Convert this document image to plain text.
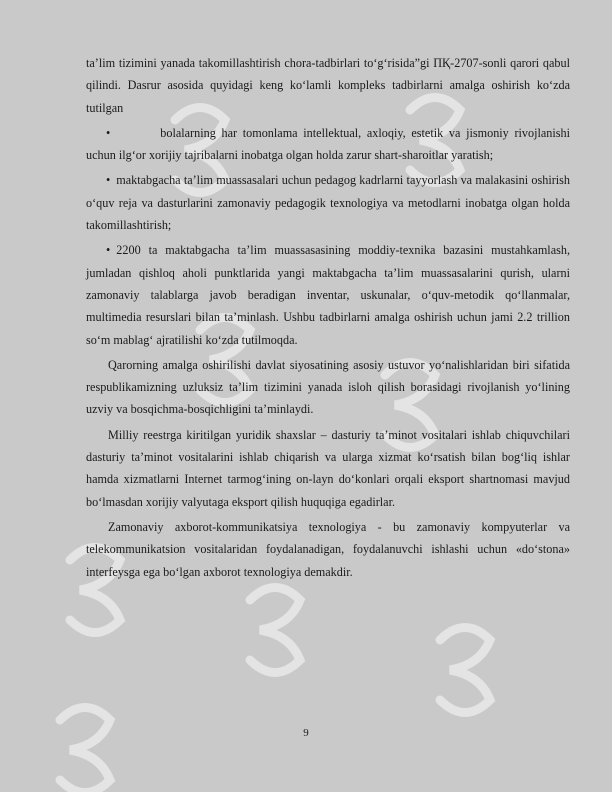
ta’lim tizimini yanada takomillashtirish chora-tadbirlari to‘g‘risida”gi ПҚ-2707-sonli qarori qabul qilindi. Dasrur asosida quyidagi keng ko‘lamli kompleks tadbirlarni amalga oshirish ko‘zda tutilgan

•	bolalarning har tomonlama intellektual, axloqiy, estetik va jismoniy rivojlanishi uchun ilg‘or xorijiy tajribalarni inobatga olgan holda zarur shart-sharoitlar yaratish;

• maktabgacha ta’lim muassasalari uchun pedagog kadrlarni tayyorlash va malakasini oshirish o‘quv reja va dasturlarini zamonaviy pedagogik texnologiya va metodlarni inobatga olgan holda takomillashtirish;

• 2200 ta maktabgacha ta’lim muassasasining moddiy-texnika bazasini mustahkamlash, jumladan qishloq aholi punktlarida yangi maktabgacha ta’lim muassasalarini qurish, ularni zamonaviy talablarga javob beradigan inventar, uskunalar, o‘quv-metodik qo‘llanmalar, multimedia resurslari bilan ta’minlash. Ushbu tadbirlarni amalga oshirish uchun jami 2.2 trillion so‘m mablag‘ ajratilishi ko‘zda tutilmoqda.

Qarorning amalga oshirilishi davlat siyosatining asosiy ustuvor yo‘nalishlaridan biri sifatida respublikamizning uzluksiz ta’lim tizimini yanada isloh qilish borasidagi rivojlanish yo‘lining uzviy va bosqichma-bosqichligini ta’minlaydi.

Milliy reestrga kiritilgan yuridik shaxslar – dasturiy ta’minot vositalari ishlab chiquvchilari dasturiy ta’minot vositalarini ishlab chiqarish va ularga xizmat ko‘rsatish bilan bog‘liq ishlar hamda xizmatlarni Internet tarmog‘ining on-layn do‘konlari orqali eksport shartnomasi mavjud bo‘lmasdan xorijiy valyutaga eksport qilish huquqiga egadirlar.

Zamonaviy axborot-kommunikatsiya texnologiya - bu zamonaviy kompyuterlar va telekommunikatsion vositalaridan foydalanadigan, foydalanuvchi ishlashi uchun «do‘stona» interfeysga ega bo‘lgan axborot texnologiya demakdir.

9
